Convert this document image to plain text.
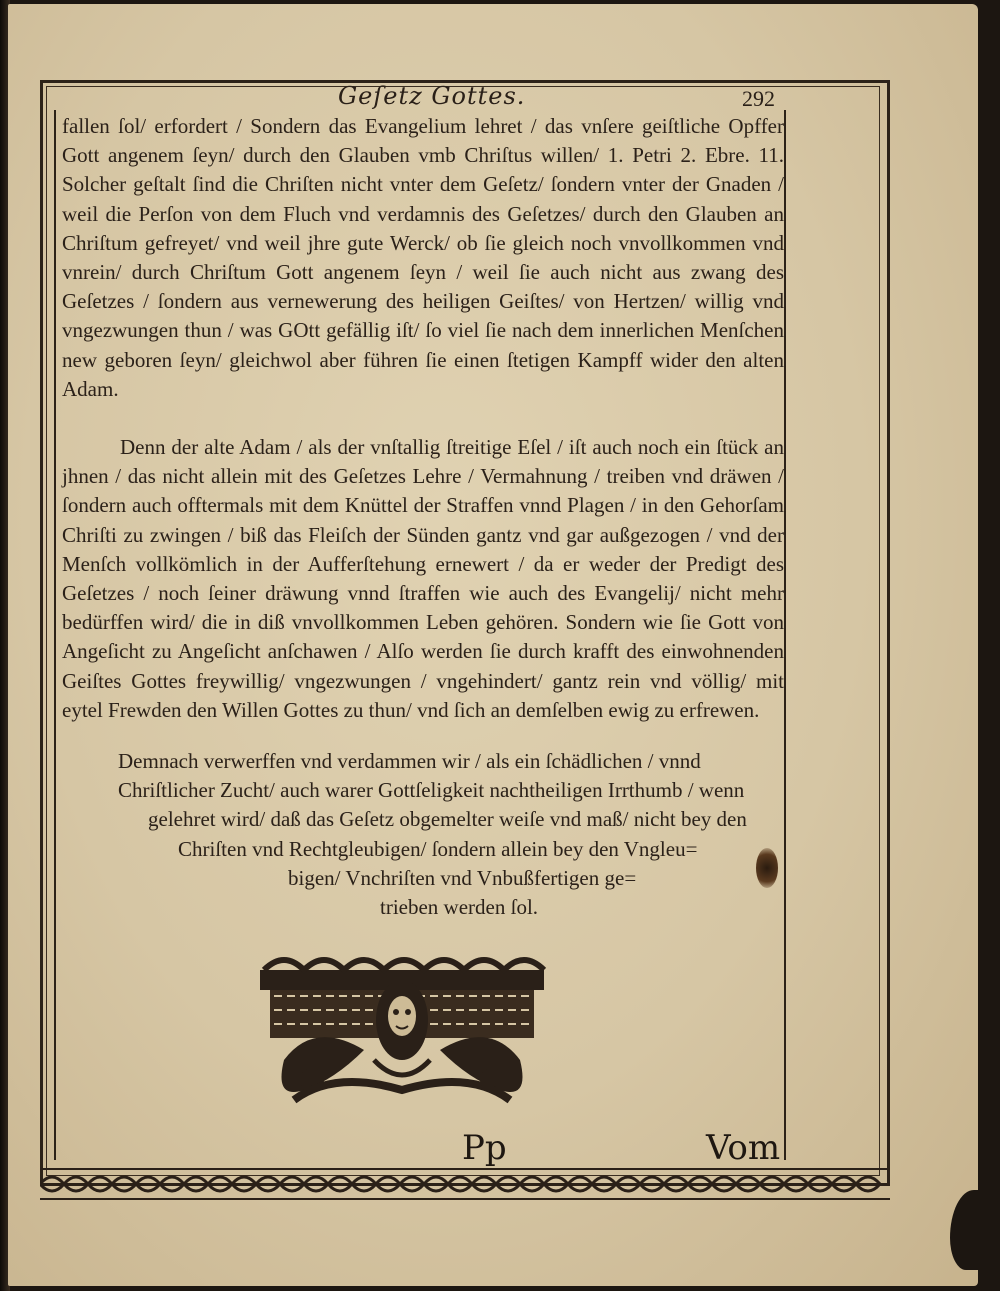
Geſetz Gottes.	292

fallen ſol/ erfordert / Sondern das Evangelium lehret / das vnſere geiſtliche Opffer Gott angenem ſeyn/ durch den Glauben vmb Chriſtus willen/ 1. Petri 2. Ebre. 11. Solcher geſtalt ſind die Chriſten nicht vnter dem Geſetz/ ſondern vnter der Gnaden / weil die Perſon von dem Fluch vnd verdamnis des Geſetzes/ durch den Glauben an Chriſtum gefreyet/ vnd weil jhre gute Werck/ ob ſie gleich noch vnvollkommen vnd vnrein/ durch Chriſtum Gott angenem ſeyn / weil ſie auch nicht aus zwang des Geſetzes / ſondern aus vernewerung des heiligen Geiſtes/ von Hertzen/ willig vnd vngezwungen thun / was GOtt gefällig iſt/ ſo viel ſie nach dem innerlichen Menſchen new geboren ſeyn/ gleichwol aber führen ſie einen ſtetigen Kampff wider den alten Adam.

Denn der alte Adam / als der vnſtallig ſtreitige Eſel / iſt auch noch ein ſtück an jhnen / das nicht allein mit des Geſetzes Lehre / Vermahnung / treiben vnd dräwen / ſondern auch offtermals mit dem Knüttel der Straffen vnnd Plagen / in den Gehorſam Chriſti zu zwingen / biß das Fleiſch der Sünden gantz vnd gar außgezogen / vnd der Menſch vollkömlich in der Aufferſtehung ernewert / da er weder der Predigt des Geſetzes / noch ſeiner dräwung vnnd ſtraffen wie auch des Evangelij/ nicht mehr bedürffen wird/ die in diß vnvollkommen Leben gehören. Sondern wie ſie Gott von Angeſicht zu Angeſicht anſchawen / Alſo werden ſie durch krafft des einwohnenden Geiſtes Gottes freywillig/ vngezwungen / vngehindert/ gantz rein vnd völlig/ mit eytel Frewden den Willen Gottes zu thun/ vnd ſich an demſelben ewig zu erfrewen.

Demnach verwerffen vnd verdammen wir / als ein ſchädlichen / vnnd
Chriſtlicher Zucht/ auch warer Gottſeligkeit nachtheiligen Irrthumb / wenn
gelehret wird/ daß das Geſetz obgemelter weiſe vnd maß/ nicht bey den
Chriſten vnd Rechtgleubigen/ ſondern allein bey den Vngleu=
bigen/ Vnchriſten vnd Vnbußfertigen ge=
trieben werden ſol.
Pp	Vom
